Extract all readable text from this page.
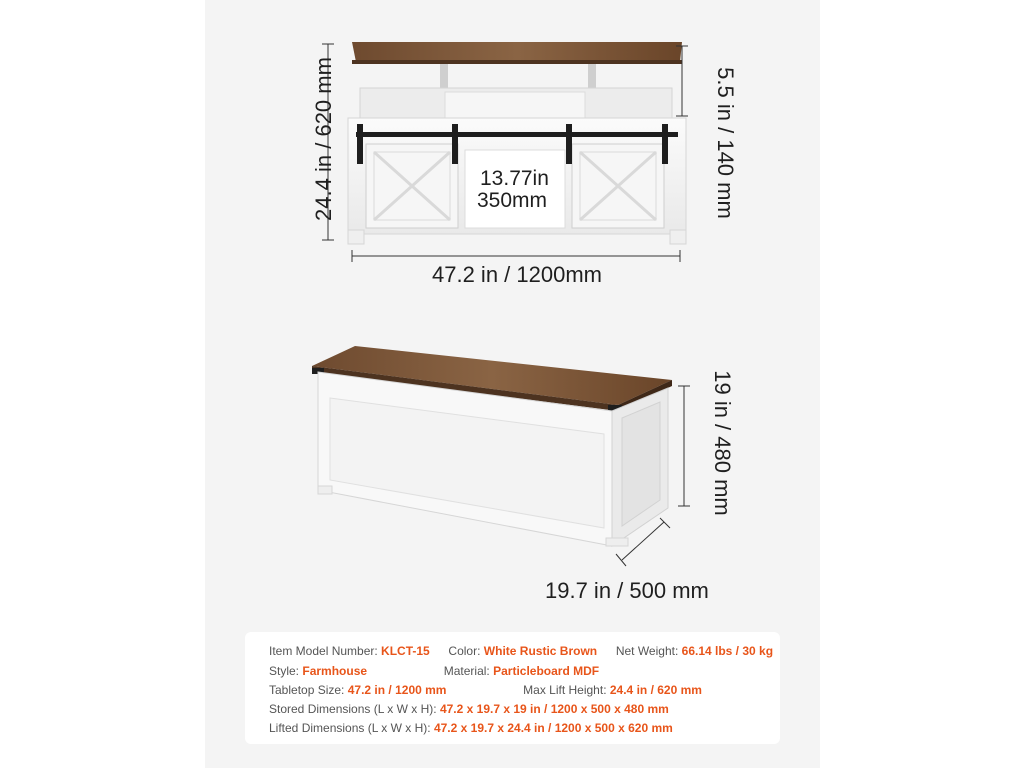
24.4 in / 620 mm	5.5 in / 140 mm
13.77in
350mm
47.2 in / 1200mm
19 in / 480 mm
19.7 in / 500 mm
Item Model Number: KLCT-15 Color: White Rustic Brown Net Weight: 66.14 lbs / 30 kg
Style: Farmhouse	Material: Particleboard MDF
Tabletop Size: 47.2 in / 1200 mm	Max Lift Height: 24.4 in / 620 mm
Stored Dimensions (L x W x H): 47.2 x 19.7 x 19 in / 1200 x 500 x 480 mm
Lifted Dimensions (L x W x H): 47.2 x 19.7 x 24.4 in / 1200 x 500 x 620 mm
